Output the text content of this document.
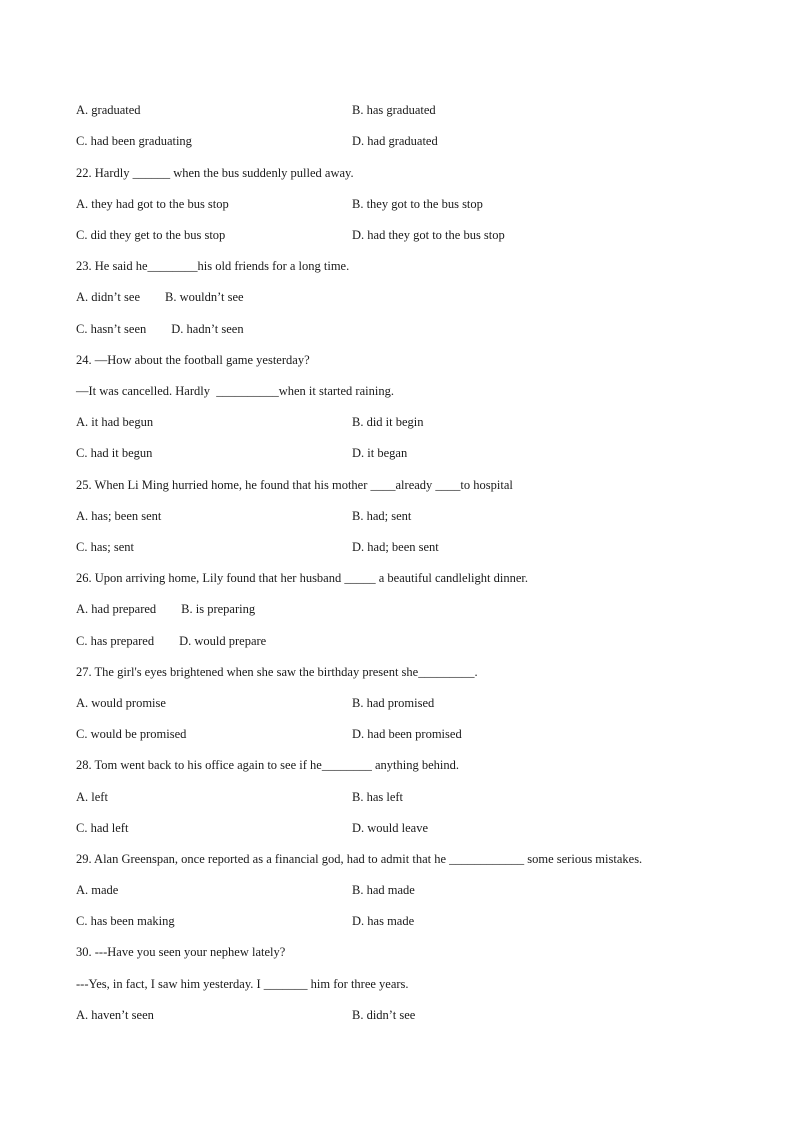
A. graduated	B. has graduated
C. had been graduating	D. had graduated
22. Hardly ______ when the bus suddenly pulled away.
A. they had got to the bus stop	B. they got to the bus stop
C. did they get to the bus stop	D. had they got to the bus stop
23. He said he________his old friends for a long time.
A. didn’t see        B. wouldn’t see
C. hasn’t seen        D. hadn’t seen
24. —How about the football game yesterday?
—It was cancelled. Hardly  __________when it started raining.
A. it had begun	B. did it begin
C. had it begun	D. it began
25. When Li Ming hurried home, he found that his mother ____already ____to hospital
A. has; been sent	B. had; sent
C. has; sent	D. had; been sent
26. Upon arriving home, Lily found that her husband _____ a beautiful candlelight dinner.
A. had prepared        B. is preparing
C. has prepared        D. would prepare
27. The girl's eyes brightened when she saw the birthday present she_________.
A. would promise	B. had promised
C. would be promised	D. had been promised
28. Tom went back to his office again to see if he________ anything behind.
A. left	B. has left
C. had left	D. would leave
29. Alan Greenspan, once reported as a financial god, had to admit that he ____________ some serious mistakes.
A. made	B. had made
C. has been making	D. has made
30. ---Have you seen your nephew lately?
---Yes, in fact, I saw him yesterday. I _______ him for three years.
A. haven’t seen	B. didn’t see
